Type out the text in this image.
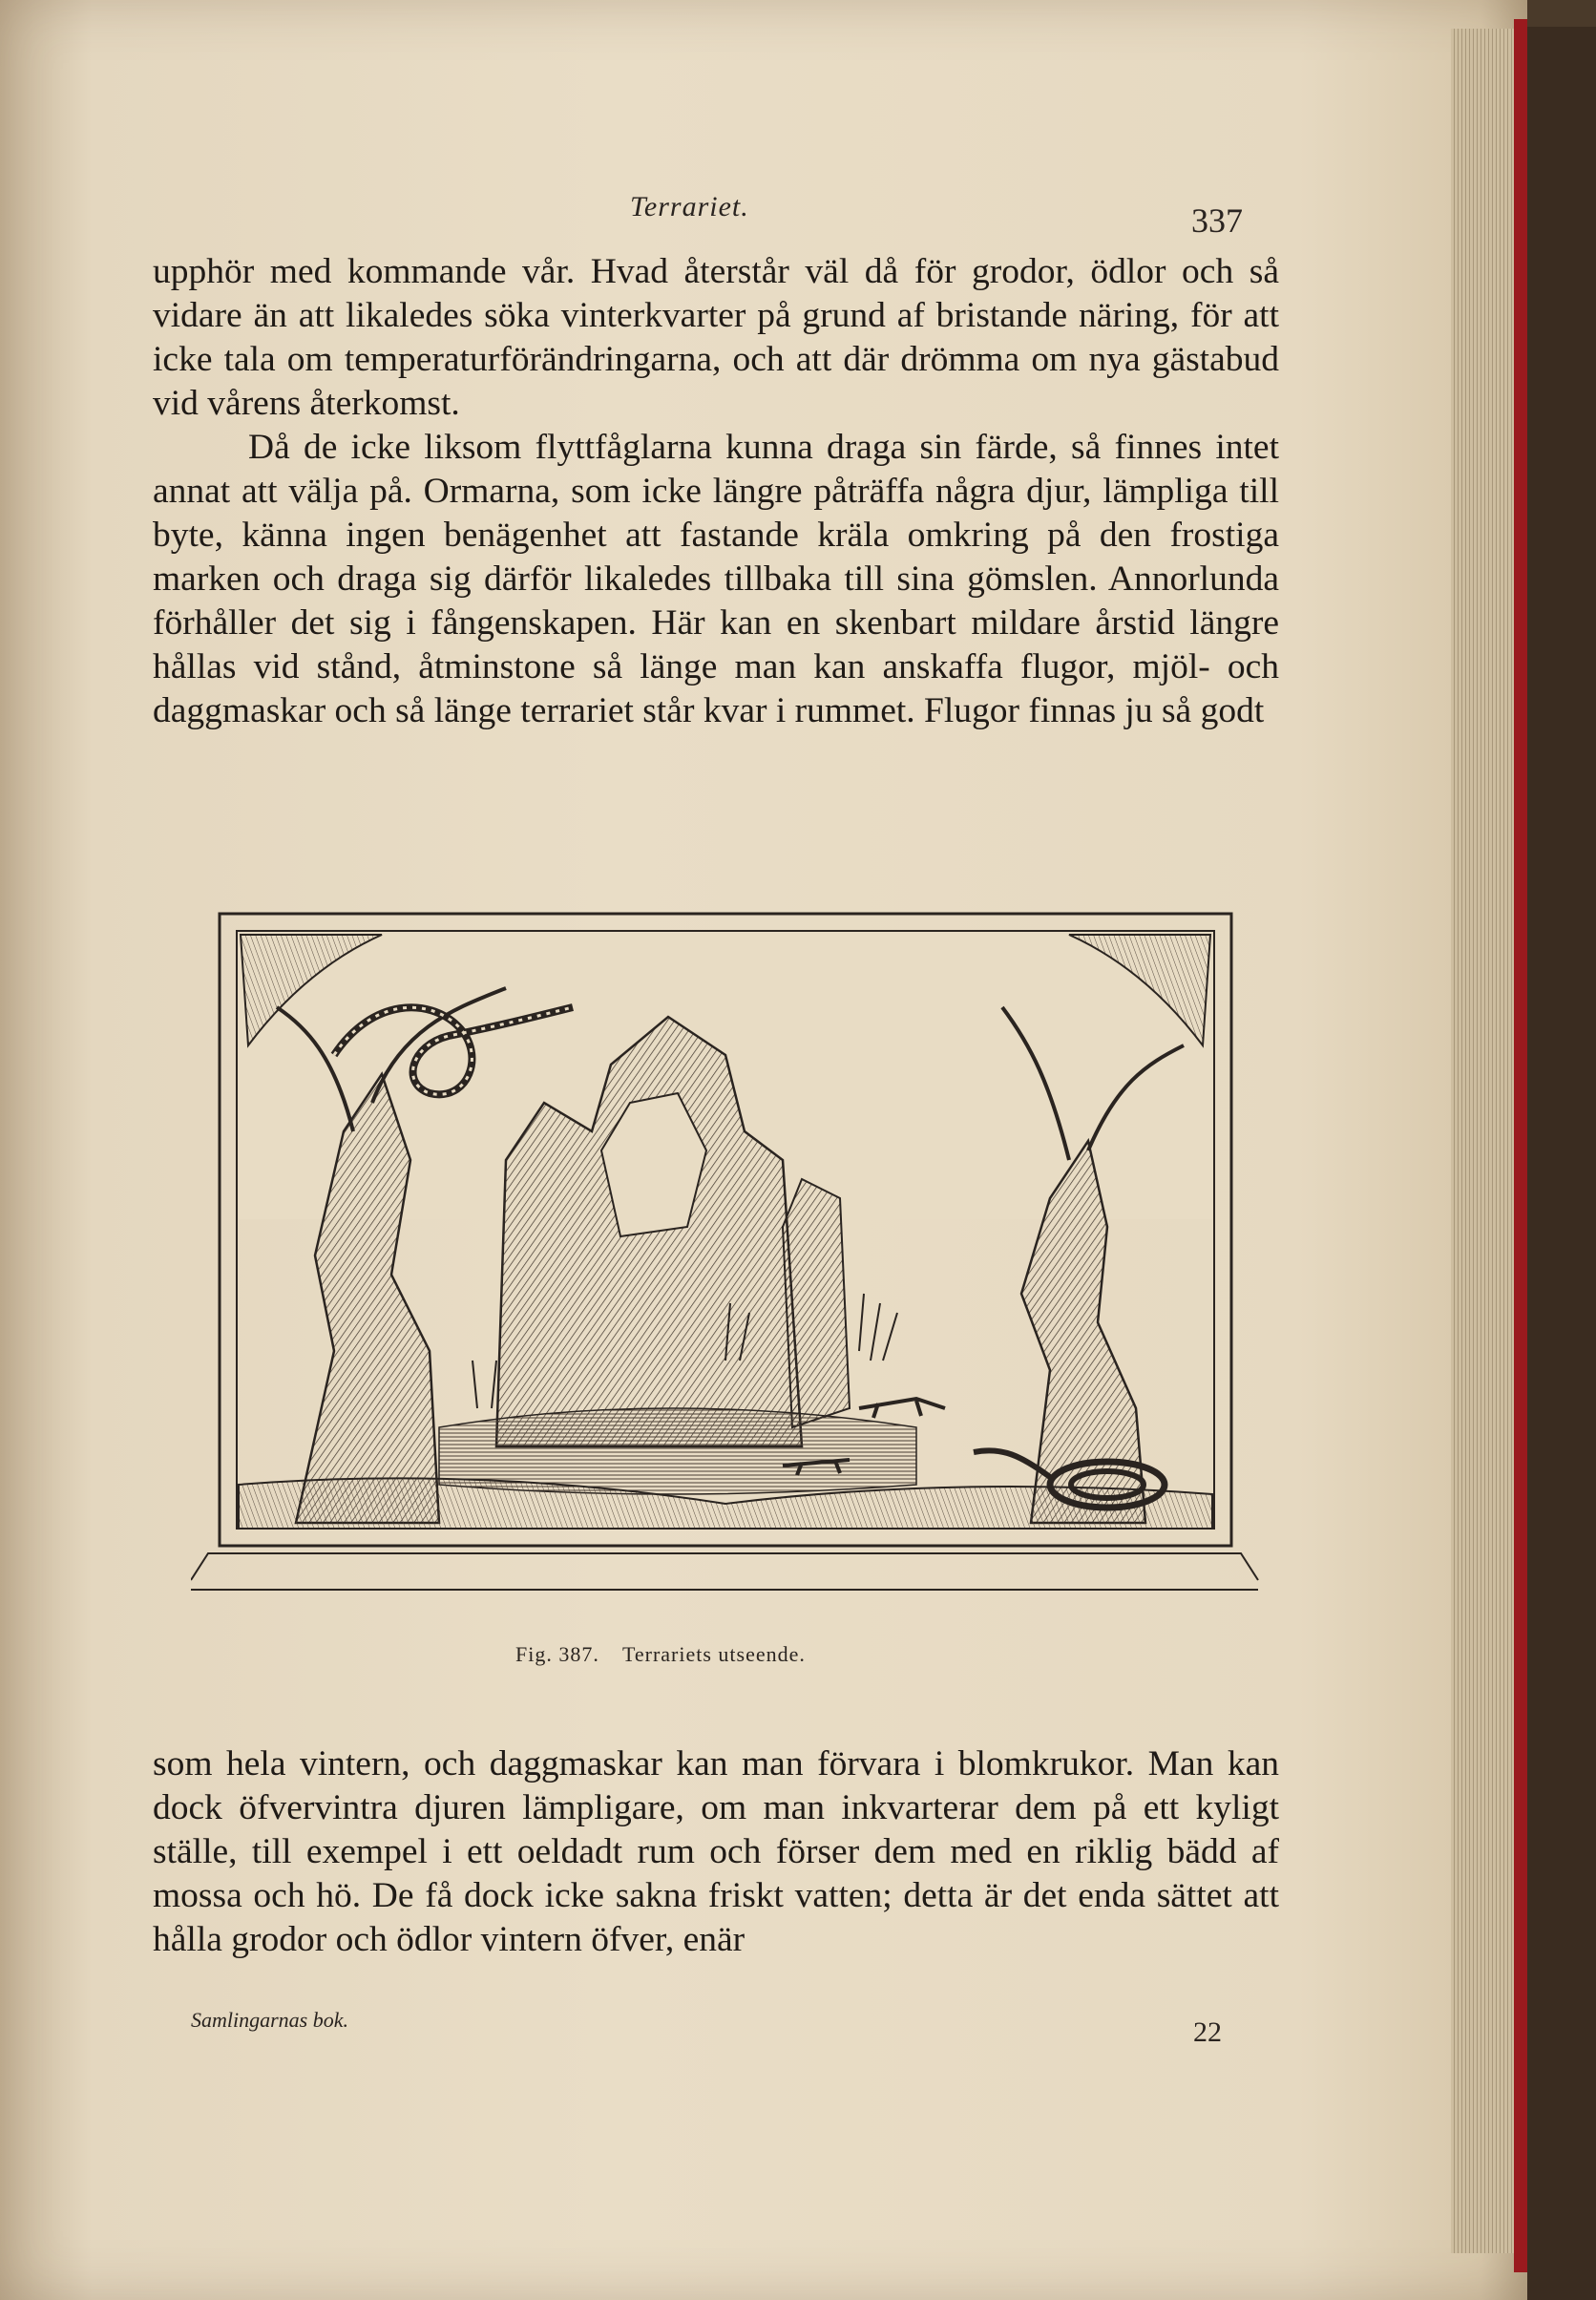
Terrariet.	337

upphör med kommande vår. Hvad återstår väl då för grodor, ödlor och så vidare än att likaledes söka vinterkvarter på grund af bristande näring, för att icke tala om temperaturförändringarna, och att där drömma om nya gästabud vid vårens återkomst.

Då de icke liksom flyttfåglarna kunna draga sin färde, så finnes intet annat att välja på. Ormarna, som icke längre påträffa några djur, lämpliga till byte, känna ingen benägenhet att fastande kräla omkring på den frostiga marken och draga sig därför likaledes tillbaka till sina gömslen. Annorlunda förhåller det sig i fångenskapen. Här kan en skenbart mildare årstid längre hållas vid stånd, åtminstone så länge man kan anskaffa flugor, mjöl- och daggmaskar och så länge terrariet står kvar i rummet. Flugor finnas ju så godt

Fig. 387. Terrariets utseende.

som hela vintern, och daggmaskar kan man förvara i blomkrukor. Man kan dock öfvervintra djuren lämpligare, om man inkvarterar dem på ett kyligt ställe, till exempel i ett oeldadt rum och förser dem med en riklig bädd af mossa och hö. De få dock icke sakna friskt vatten; detta är det enda sättet att hålla grodor och ödlor vintern öfver, enär

Samlingarnas bok.	22
